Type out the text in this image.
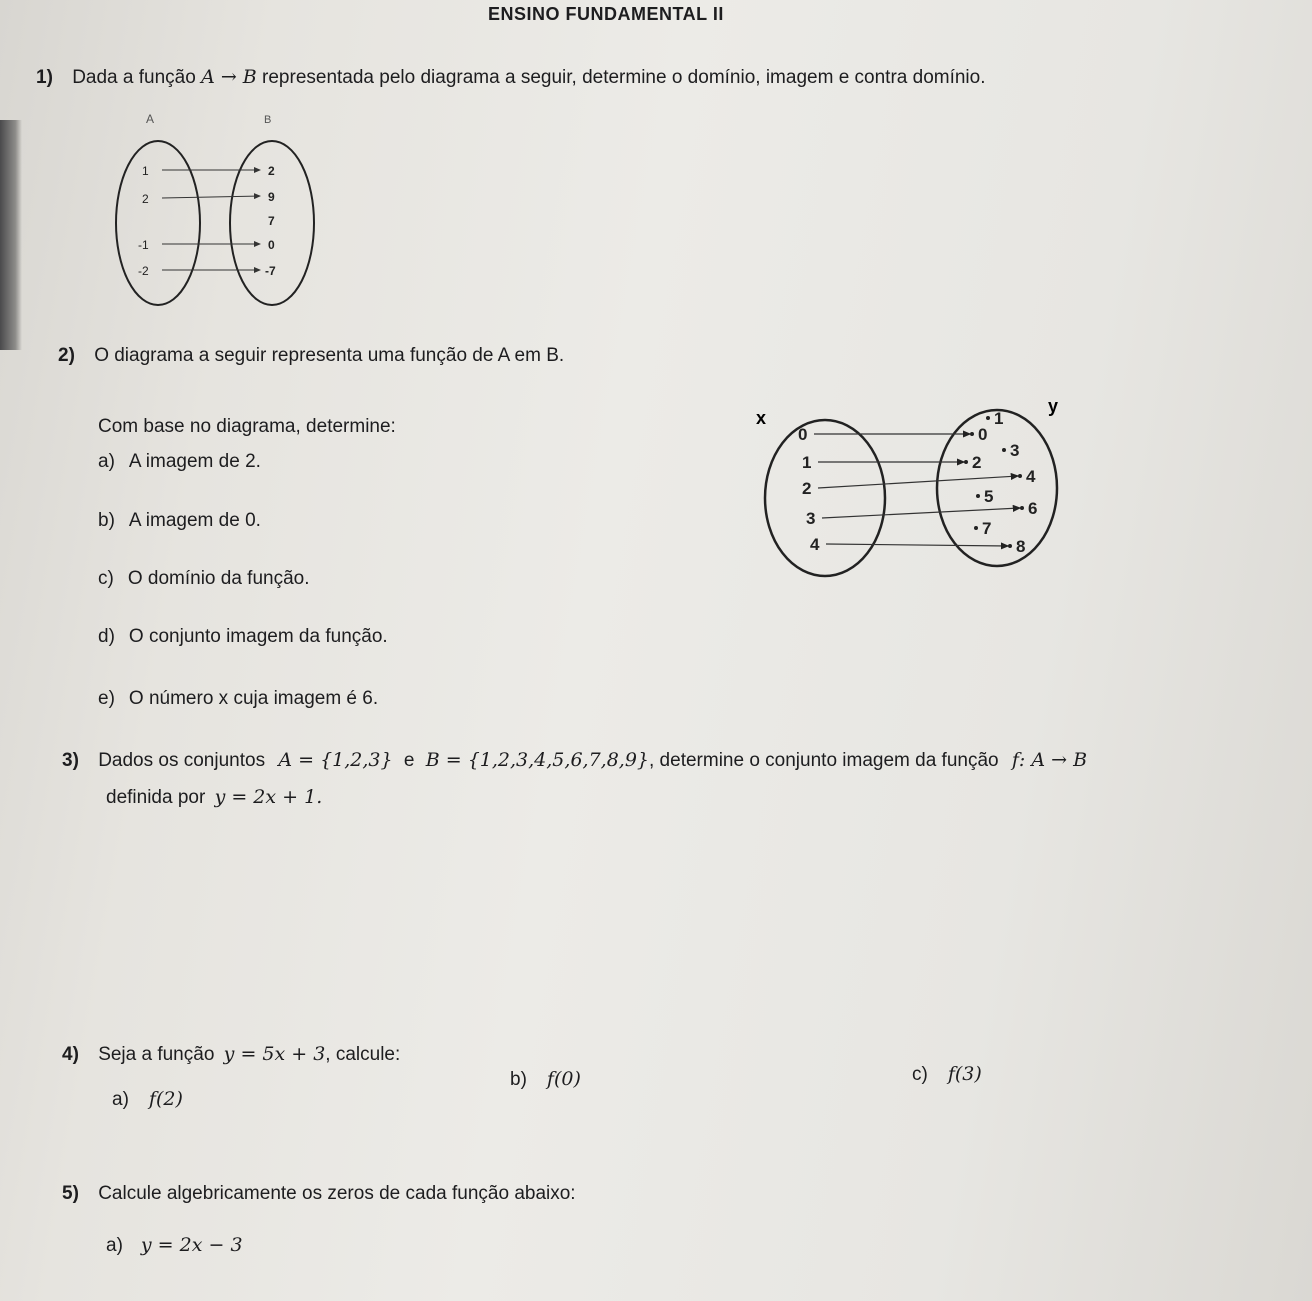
ENSINO FUNDAMENTAL II
1) Dada a função A → B representada pelo diagrama a seguir, determine o domínio, imagem e contra domínio.
A	B
1
2
-1
-2
2
9
7
0
-7
2) O diagrama a seguir representa uma função de A em B.
Com base no diagrama, determine:
a) A imagem de 2.
b) A imagem de 0.
c) O domínio da função.
d) O conjunto imagem da função.
e) O número x cuja imagem é 6.
x
y
0
1
2
3
4
0
1
2
3
4
5
6
7
8
3) Dados os conjuntos A = {1,2,3} e B = {1,2,3,4,5,6,7,8,9}, determine o conjunto imagem da função f: A → B
definida por y = 2x + 1.
4) Seja a função y = 5x + 3, calcule:
a) f(2)
b) f(0)	c) f(3)
5) Calcule algebricamente os zeros de cada função abaixo:
a) y = 2x − 3
